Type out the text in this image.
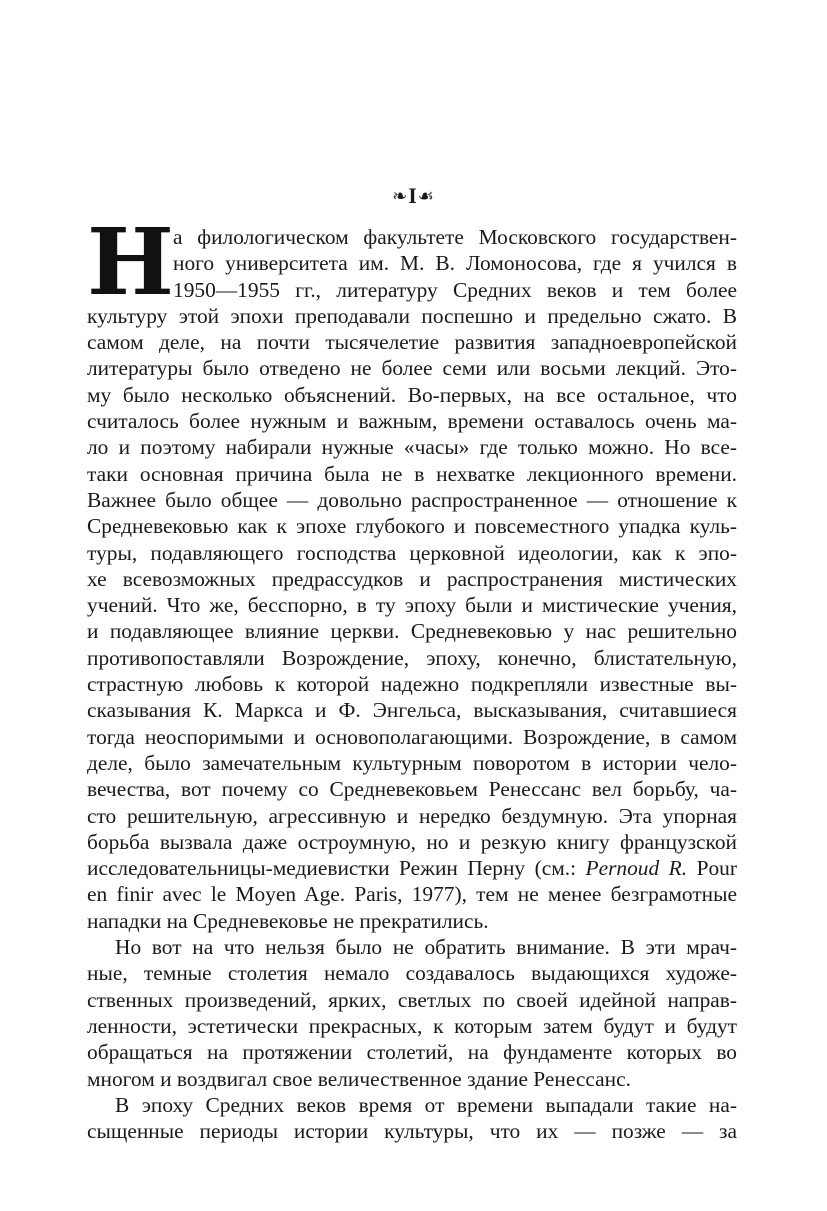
❧I☙
Н а филологическом факультете Московского государствен-
ного университета им. М. В. Ломоносова, где я учился в
1950—1955 гг., литературу Средних веков и тем более
культуру этой эпохи преподавали поспешно и предельно сжато. В
самом деле, на почти тысячелетие развития западноевропейской
литературы было отведено не более семи или восьми лекций. Это-
му было несколько объяснений. Во-первых, на все остальное, что
считалось более нужным и важным, времени оставалось очень ма-
ло и поэтому набирали нужные «часы» где только можно. Но все-
таки основная причина была не в нехватке лекционного времени.
Важнее было общее — довольно распространенное — отношение к
Средневековью как к эпохе глубокого и повсеместного упадка куль-
туры, подавляющего господства церковной идеологии, как к эпо-
хе всевозможных предрассудков и распространения мистических
учений. Что же, бесспорно, в ту эпоху были и мистические учения,
и подавляющее влияние церкви. Средневековью у нас решительно
противопоставляли Возрождение, эпоху, конечно, блистательную,
страстную любовь к которой надежно подкрепляли известные вы-
сказывания К. Маркса и Ф. Энгельса, высказывания, считавшиеся
тогда неоспоримыми и основополагающими. Возрождение, в самом
деле, было замечательным культурным поворотом в истории чело-
вечества, вот почему со Средневековьем Ренессанс вел борьбу, ча-
сто решительную, агрессивную и нередко бездумную. Эта упорная
борьба вызвала даже остроумную, но и резкую книгу французской
исследовательницы-медиевистки Режин Перну (см.: Pernoud R. Pour
en finir avec le Moyen Age. Paris, 1977), тем не менее безграмотные
нападки на Средневековье не прекратились.
Но вот на что нельзя было не обратить внимание. В эти мрач-
ные, темные столетия немало создавалось выдающихся художе-
ственных произведений, ярких, светлых по своей идейной направ-
ленности, эстетически прекрасных, к которым затем будут и будут
обращаться на протяжении столетий, на фундаменте которых во
многом и воздвигал свое величественное здание Ренессанс.
В эпоху Средних веков время от времени выпадали такие на-
сыщенные периоды истории культуры, что их — позже — за
